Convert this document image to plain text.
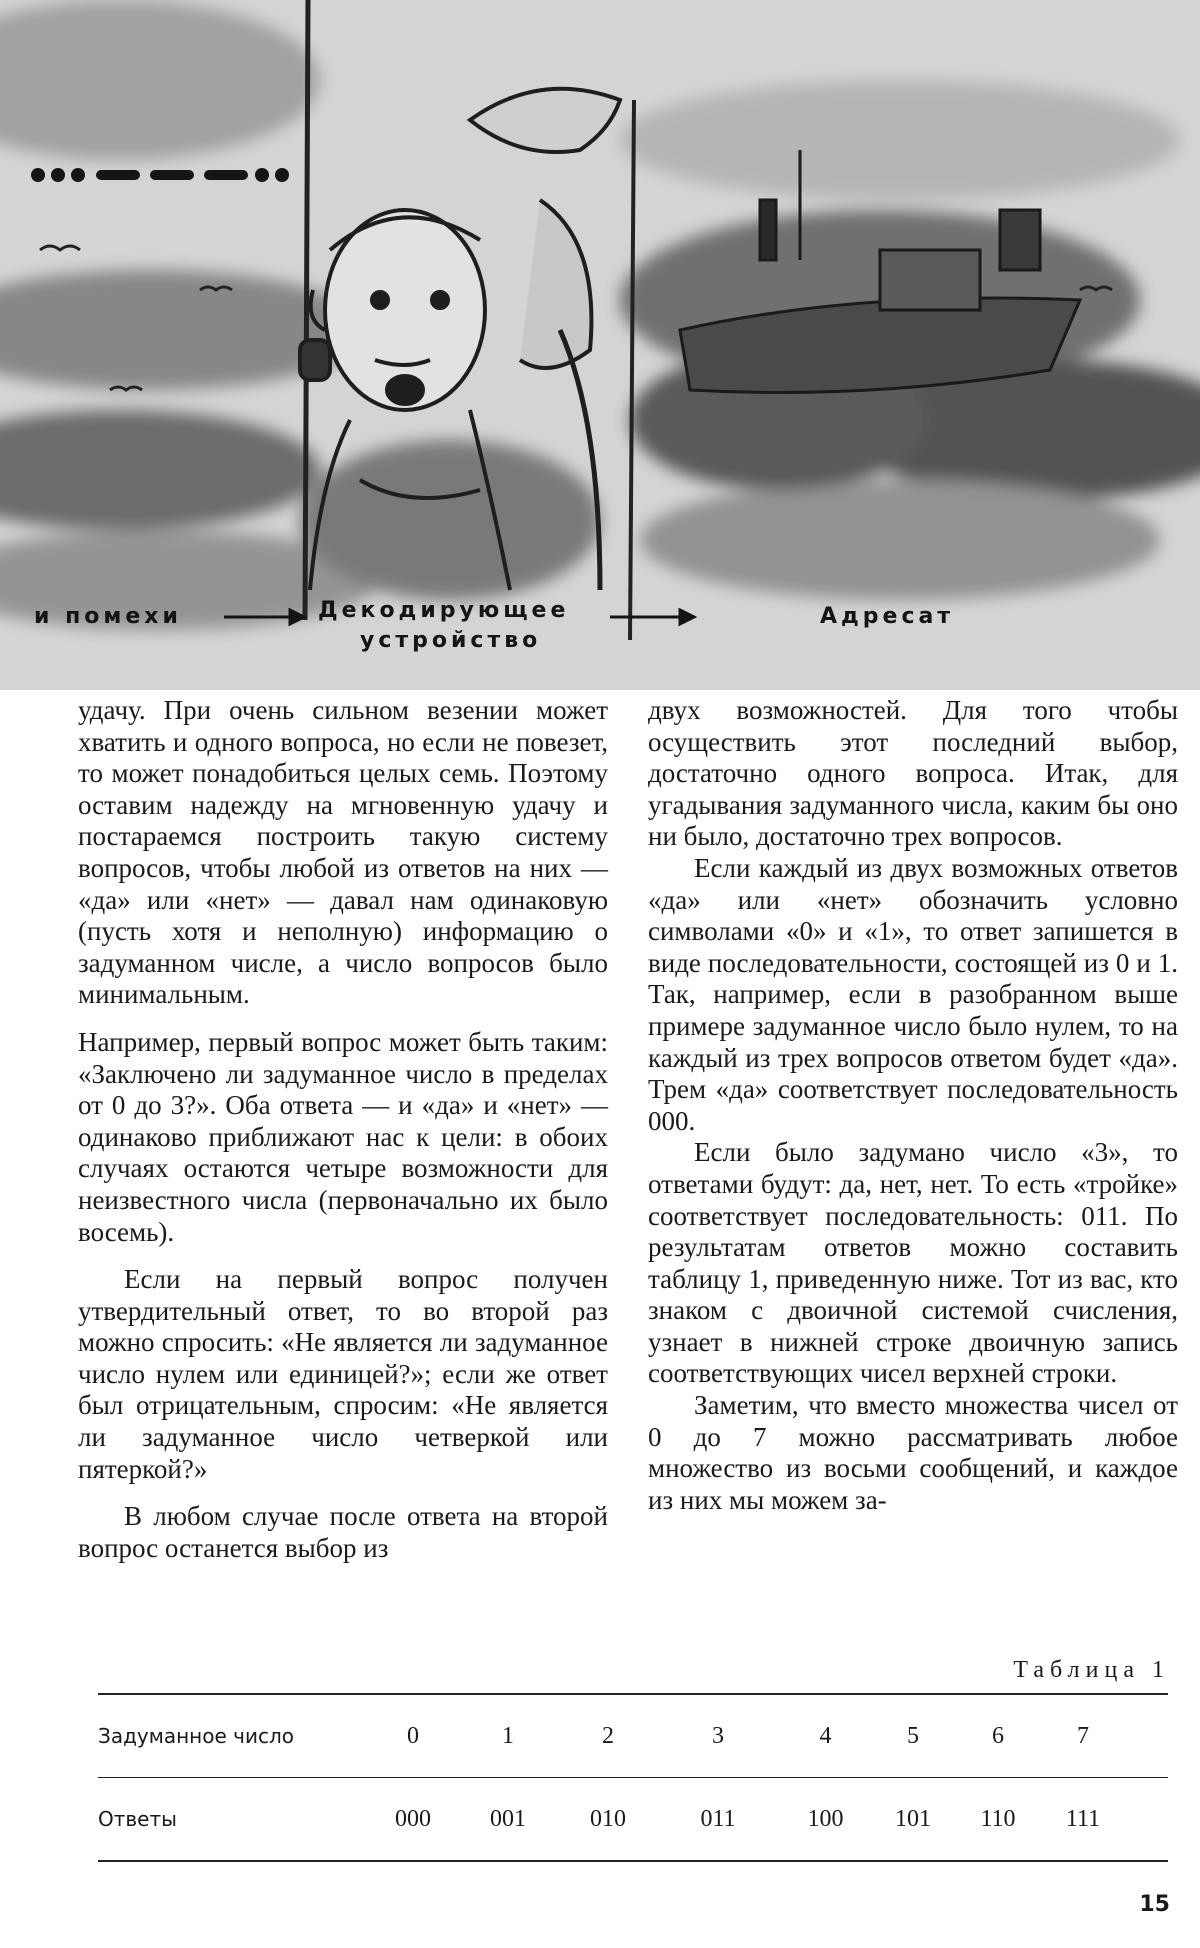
и помехи	Декодирующее
устройство
Адресат

удачу. При очень сильном везении может хватить и одного вопроса, но если не повезет, то может понадобиться целых семь. Поэтому оставим надежду на мгновенную удачу и постараемся построить такую систему вопросов, чтобы любой из ответов на них — «да» или «нет» — давал нам одинаковую (пусть хотя и неполную) информацию о задуманном числе, а число вопросов было минимальным.

Например, первый вопрос может быть таким: «Заключено ли задуманное число в пределах от 0 до 3?». Оба ответа — и «да» и «нет» — одинаково приближают нас к цели: в обоих случаях остаются четыре возможности для неизвестного числа (первоначально их было восемь).

Если на первый вопрос получен утвердительный ответ, то во второй раз можно спросить: «Не является ли задуманное число нулем или единицей?»; если же ответ был отрицательным, спросим: «Не является ли задуманное число четверкой или пятеркой?»

В любом случае после ответа на второй вопрос останется выбор из

двух возможностей. Для того чтобы осуществить этот последний выбор, достаточно одного вопроса. Итак, для угадывания задуманного числа, каким бы оно ни было, достаточно трех вопросов.

Если каждый из двух возможных ответов «да» или «нет» обозначить условно символами «0» и «1», то ответ запишется в виде последовательности, состоящей из 0 и 1. Так, например, если в разобранном выше примере задуманное число было нулем, то на каждый из трех вопросов ответом будет «да». Трем «да» соответствует последовательность 000.

Если было задумано число «3», то ответами будут: да, нет, нет. То есть «тройке» соответствует последовательность: 011. По результатам ответов можно составить таблицу 1, приведенную ниже. Тот из вас, кто знаком с двоичной системой счисления, узнает в нижней строке двоичную запись соответствующих чисел верхней строки.

Заметим, что вместо множества чисел от 0 до 7 можно рассматривать любое множество из восьми сообщений, и каждое из них мы можем за-

Таблица 1
Задуманное число	0	1	2	3	4	5	6	7
Ответы	000	001	010	011	100	101	110	111
15
